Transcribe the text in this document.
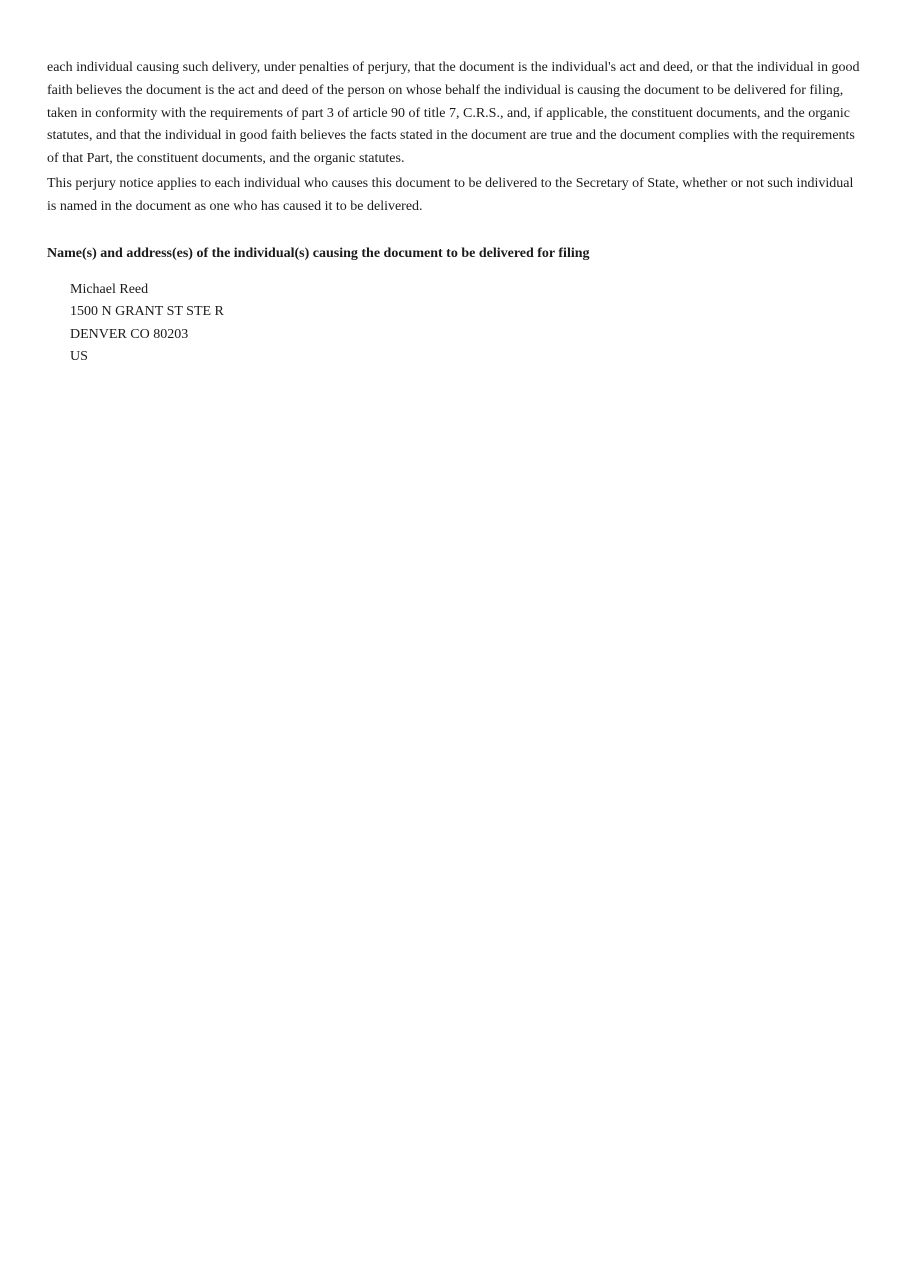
each individual causing such delivery, under penalties of perjury, that the document is the individual's act and deed, or that the individual in good faith believes the document is the act and deed of the person on whose behalf the individual is causing the document to be delivered for filing, taken in conformity with the requirements of part 3 of article 90 of title 7, C.R.S., and, if applicable, the constituent documents, and the organic statutes, and that the individual in good faith believes the facts stated in the document are true and the document complies with the requirements of that Part, the constituent documents, and the organic statutes.

This perjury notice applies to each individual who causes this document to be delivered to the Secretary of State, whether or not such individual is named in the document as one who has caused it to be delivered.

Name(s) and address(es) of the individual(s) causing the document to be delivered for filing
Michael Reed
1500 N GRANT ST STE R
DENVER CO 80203
US
